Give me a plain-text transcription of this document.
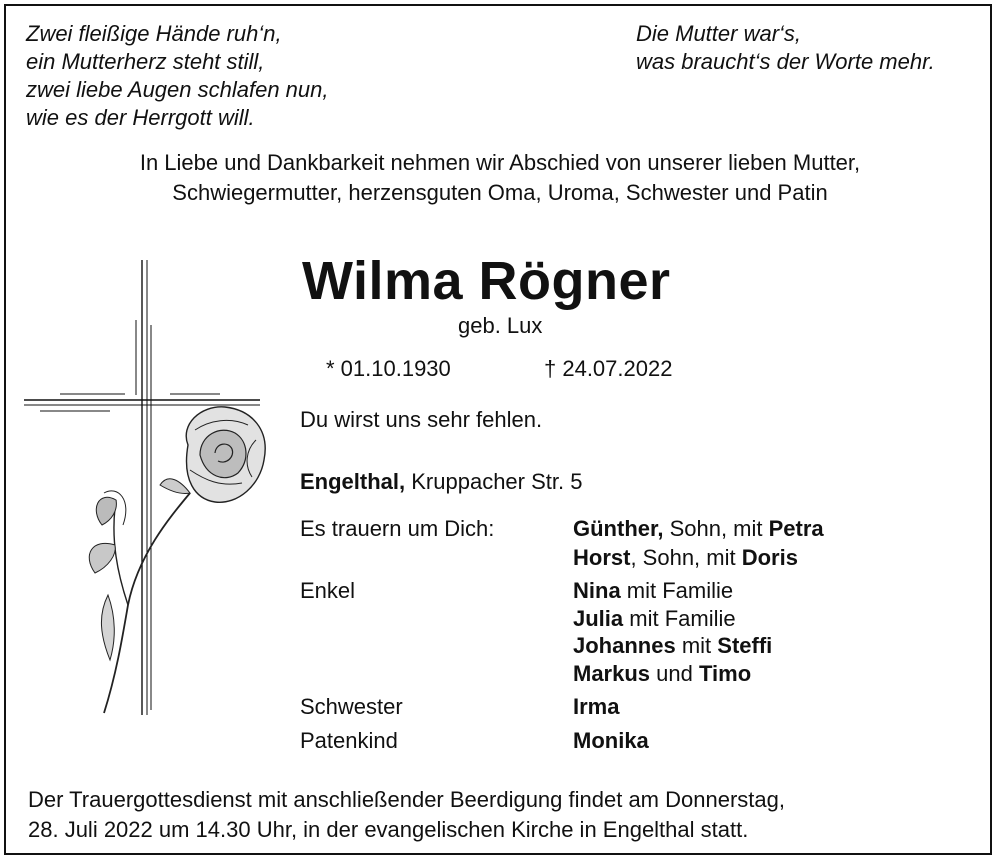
Zwei fleißige Hände ruh‘n,
ein Mutterherz steht still,
zwei liebe Augen schlafen nun,
wie es der Herrgott will.
Die Mutter war‘s,
was braucht‘s der Worte mehr.
In Liebe und Dankbarkeit nehmen wir Abschied von unserer lieben Mutter,
Schwiegermutter, herzensguten Oma, Uroma, Schwester und Patin
Wilma Rögner
geb. Lux
* 01.10.1930	† 24.07.2022
Du wirst uns sehr fehlen.
Engelthal, Kruppacher Str. 5
Es trauern um Dich:	Günther, Sohn, mit Petra
Horst, Sohn, mit Doris
Enkel	Nina mit Familie
Julia mit Familie
Johannes mit Steffi
Markus und Timo
Schwester	Irma
Patenkind	Monika
Der Trauergottesdienst mit anschließender Beerdigung findet am Donnerstag,
28. Juli 2022 um 14.30 Uhr, in der evangelischen Kirche in Engelthal statt.
